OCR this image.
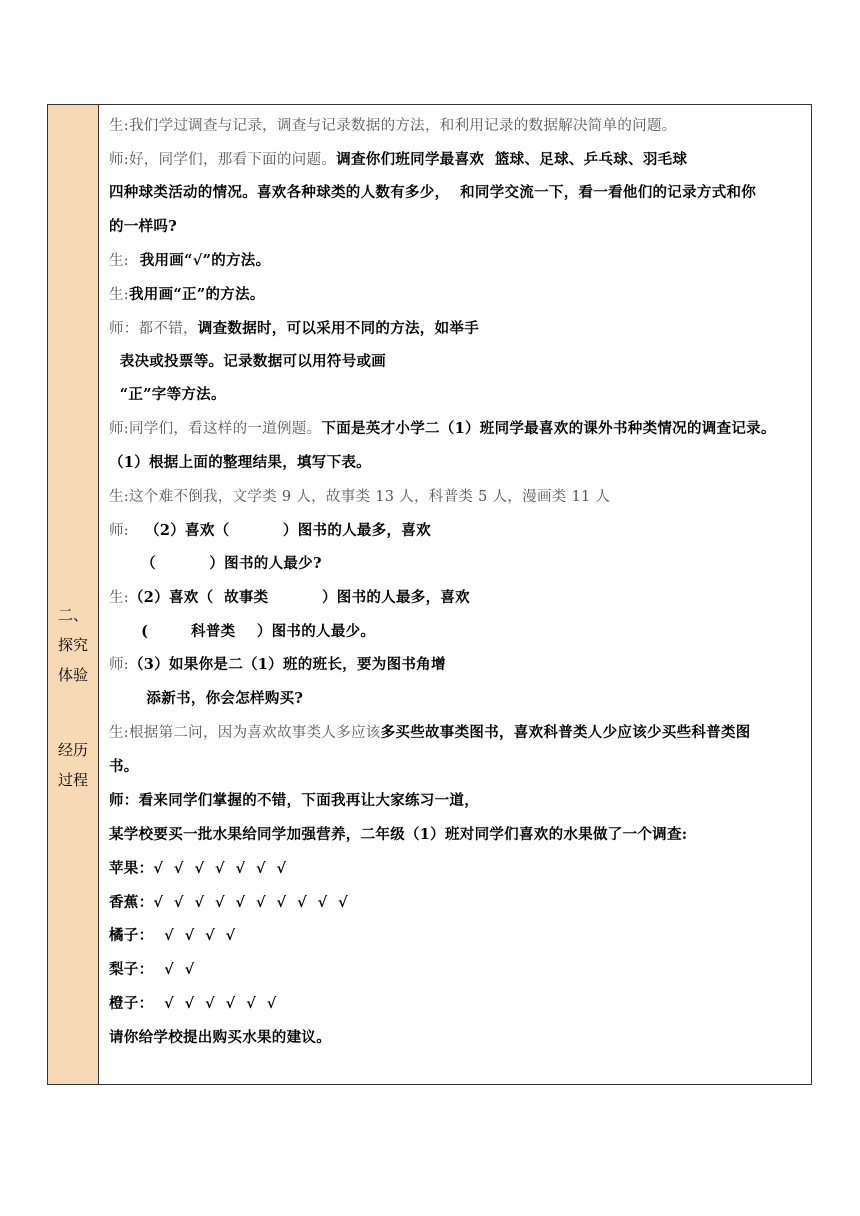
二、
探究
体验
经历
过程
生:我们学过调查与记录，调查与记录数据的方法，和利用记录的数据解决简单的问题。
师:好，同学们，那看下面的问题。调查你们班同学最喜欢  篮球、足球、乒乓球、羽毛球
四种球类活动的情况。喜欢各种球类的人数有多少，  和同学交流一下，看一看他们的记录方式和你
的一样吗?
生:  我用画“√”的方法。
生:我用画“正”的方法。
师：都不错，调查数据时，可以采用不同的方法，如举手
表决或投票等。记录数据可以用符号或画
“正”字等方法。
师:同学们，看这样的一道例题。下面是英才小学二（1）班同学最喜欢的课外书种类情况的调查记录。
（1）根据上面的整理结果，填写下表。
生:这个难不倒我，文学类 9 人，故事类 13 人，科普类 5 人，漫画类 11 人
师:   （2）喜欢（          ）图书的人最多，喜欢
（          ）图书的人最少?
生:（2）喜欢（  故事类          ）图书的人最多，喜欢
(        科普类    ）图书的人最少。
师:（3）如果你是二（1）班的班长，要为图书角增
添新书，你会怎样购买?
生:根据第二问，因为喜欢故事类人多应该多买些故事类图书，喜欢科普类人少应该少买些科普类图
书。
师：看来同学们掌握的不错，下面我再让大家练习一道，
某学校要买一批水果给同学加强营养，二年级（1）班对同学们喜欢的水果做了一个调查:
苹果：√  √  √  √  √  √  √
香蕉：√  √  √  √  √  √  √  √  √  √
橘子：  √  √  √  √
梨子：  √  √
橙子：  √  √  √  √  √  √
请你给学校提出购买水果的建议。
